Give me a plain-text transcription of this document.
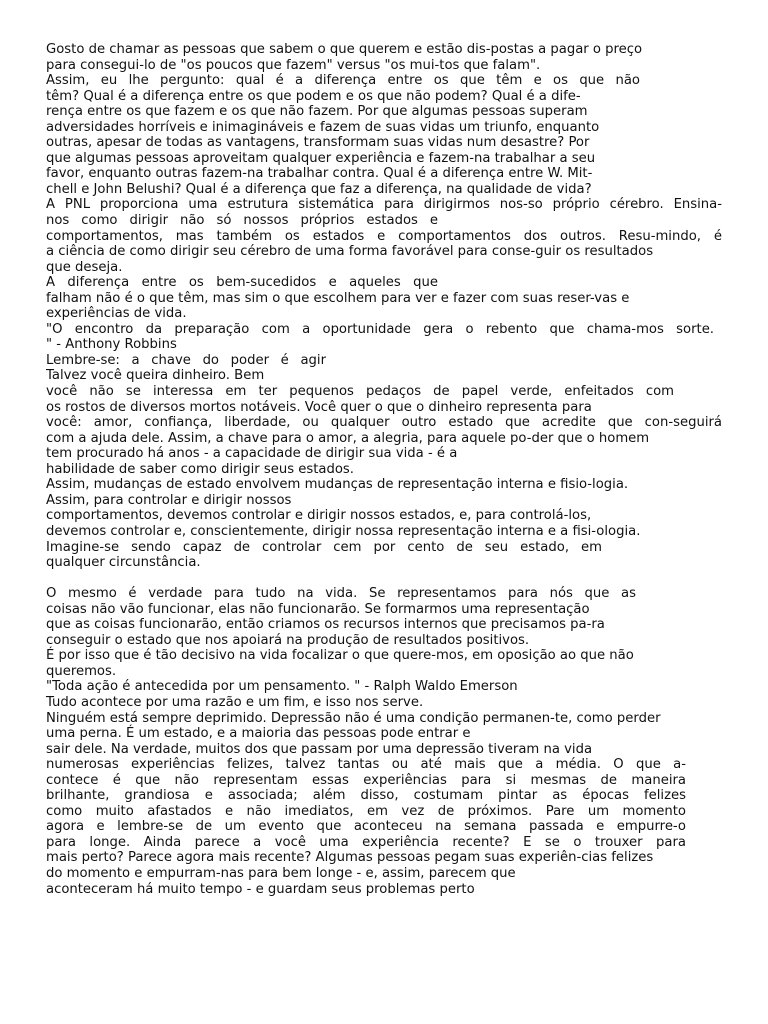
Gosto de chamar as pessoas que sabem o que querem e estão dis-postas a pagar o preço
para consegui-lo de "os poucos que fazem" versus "os mui-tos que falam".
Assim, eu lhe pergunto: qual é a diferença entre os que têm e os que não
têm? Qual é a diferença entre os que podem e os que não podem? Qual é a dife-
rença entre os que fazem e os que não fazem. Por que algumas pessoas superam
adversidades horríveis e inimagináveis e fazem de suas vidas um triunfo, enquanto
outras, apesar de todas as vantagens, transformam suas vidas num desastre? Por
que algumas pessoas aproveitam qualquer experiência e fazem-na trabalhar a seu
favor, enquanto outras fazem-na trabalhar contra. Qual é a diferença entre W. Mit-
chell e John Belushi? Qual é a diferença que faz a diferença, na qualidade de vida?
A PNL proporciona uma estrutura sistemática para dirigirmos nos-so próprio cérebro. Ensina-
nos como dirigir não só nossos próprios estados e
comportamentos, mas também os estados e comportamentos dos outros. Resu-mindo, é
a ciência de como dirigir seu cérebro de uma forma favorável para conse-guir os resultados
que deseja.
A diferença entre os bem-sucedidos e aqueles que
falham não é o que têm, mas sim o que escolhem para ver e fazer com suas reser-vas e
experiências de vida.
"O encontro da preparação com a oportunidade gera o rebento que chama-mos sorte.
" - Anthony Robbins
Lembre-se: a chave do poder é agir
Talvez você queira dinheiro. Bem
você não se interessa em ter pequenos pedaços de papel verde, enfeitados com
os rostos de diversos mortos notáveis. Você quer o que o dinheiro representa para
você: amor, confiança, liberdade, ou qualquer outro estado que acredite que con-seguirá
com a ajuda dele. Assim, a chave para o amor, a alegria, para aquele po-der que o homem
tem procurado há anos - a capacidade de dirigir sua vida - é a
habilidade de saber como dirigir seus estados.
Assim, mudanças de estado envolvem mudanças de representação interna e fisio-logia.
Assim, para controlar e dirigir nossos
comportamentos, devemos controlar e dirigir nossos estados, e, para controlá-los,
devemos controlar e, conscientemente, dirigir nossa representação interna e a fisi-ologia.
Imagine-se sendo capaz de controlar cem por cento de seu estado, em
qualquer circunstância.
O mesmo é verdade para tudo na vida. Se representamos para nós que as
coisas não vão funcionar, elas não funcionarão. Se formarmos uma representação
que as coisas funcionarão, então criamos os recursos internos que precisamos pa-ra
conseguir o estado que nos apoiará na produção de resultados positivos.
É por isso que é tão decisivo na vida focalizar o que quere-mos, em oposição ao que não
queremos.
"Toda ação é antecedida por um pensamento. " - Ralph Waldo Emerson
Tudo acontece por uma razão e um fim, e isso nos serve.
Ninguém está sempre deprimido. Depressão não é uma condição permanen-te, como perder
uma perna. É um estado, e a maioria das pessoas pode entrar e
sair dele. Na verdade, muitos dos que passam por uma depressão tiveram na vida
numerosas experiências felizes, talvez tantas ou até mais que a média. O que a-
contece é que não representam essas experiências para si mesmas de maneira
brilhante, grandiosa e associada; além disso, costumam pintar as épocas felizes
como muito afastados e não imediatos, em vez de próximos. Pare um momento
agora e lembre-se de um evento que aconteceu na semana passada e empurre-o
para longe. Ainda parece a você uma experiência recente? E se o trouxer para
mais perto? Parece agora mais recente? Algumas pessoas pegam suas experiên-cias felizes
do momento e empurram-nas para bem longe - e, assim, parecem que
aconteceram há muito tempo - e guardam seus problemas perto
